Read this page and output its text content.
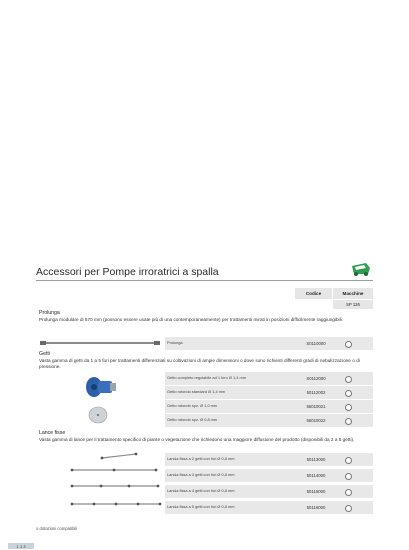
Accessori per Pompe irroratrici a spalla
Codice	Macchine
SP 126
Prolunga
Prolunga modulare di 570 mm (possono essere usate più di una contemporaneamente) per trattamenti mirati in posizioni difficilmente raggiungibili.
Prolunga	S0110000
Getti
Vasta gamma di getti da 1 a 5 fori per trattamenti differenziati su coltivazioni di ampie dimensioni o dove sono richiesti differenti gradi di nebulizzazione o di pressione.
Getto completo regolabile ad 1 foro Ø 1,4 mm	S0112000
Getto rotondo standard Ø 1,4 mm	50112002
Getto rotondo spz. Ø 1,0 mm	56010021
Getto rotondo spz. Ø 0,8 mm	56010022
Lance fisse
Vasta gamma di lance per il trattamento specifico di piante o vegetazione che richiedono una maggiore diffusione del prodotto (disponibili da 2 a 5 getti).
Lancia fissa a 2 getti con fori Ø 0,8 mm	50113000
Lancia fissa a 3 getti con fori Ø 0,8 mm	50114000
Lancia fissa a 4 getti con fori Ø 0,8 mm	50115000
Lancia fissa a 5 getti con fori Ø 0,8 mm	50116000
o dotazioni compatibili
1 1 4
